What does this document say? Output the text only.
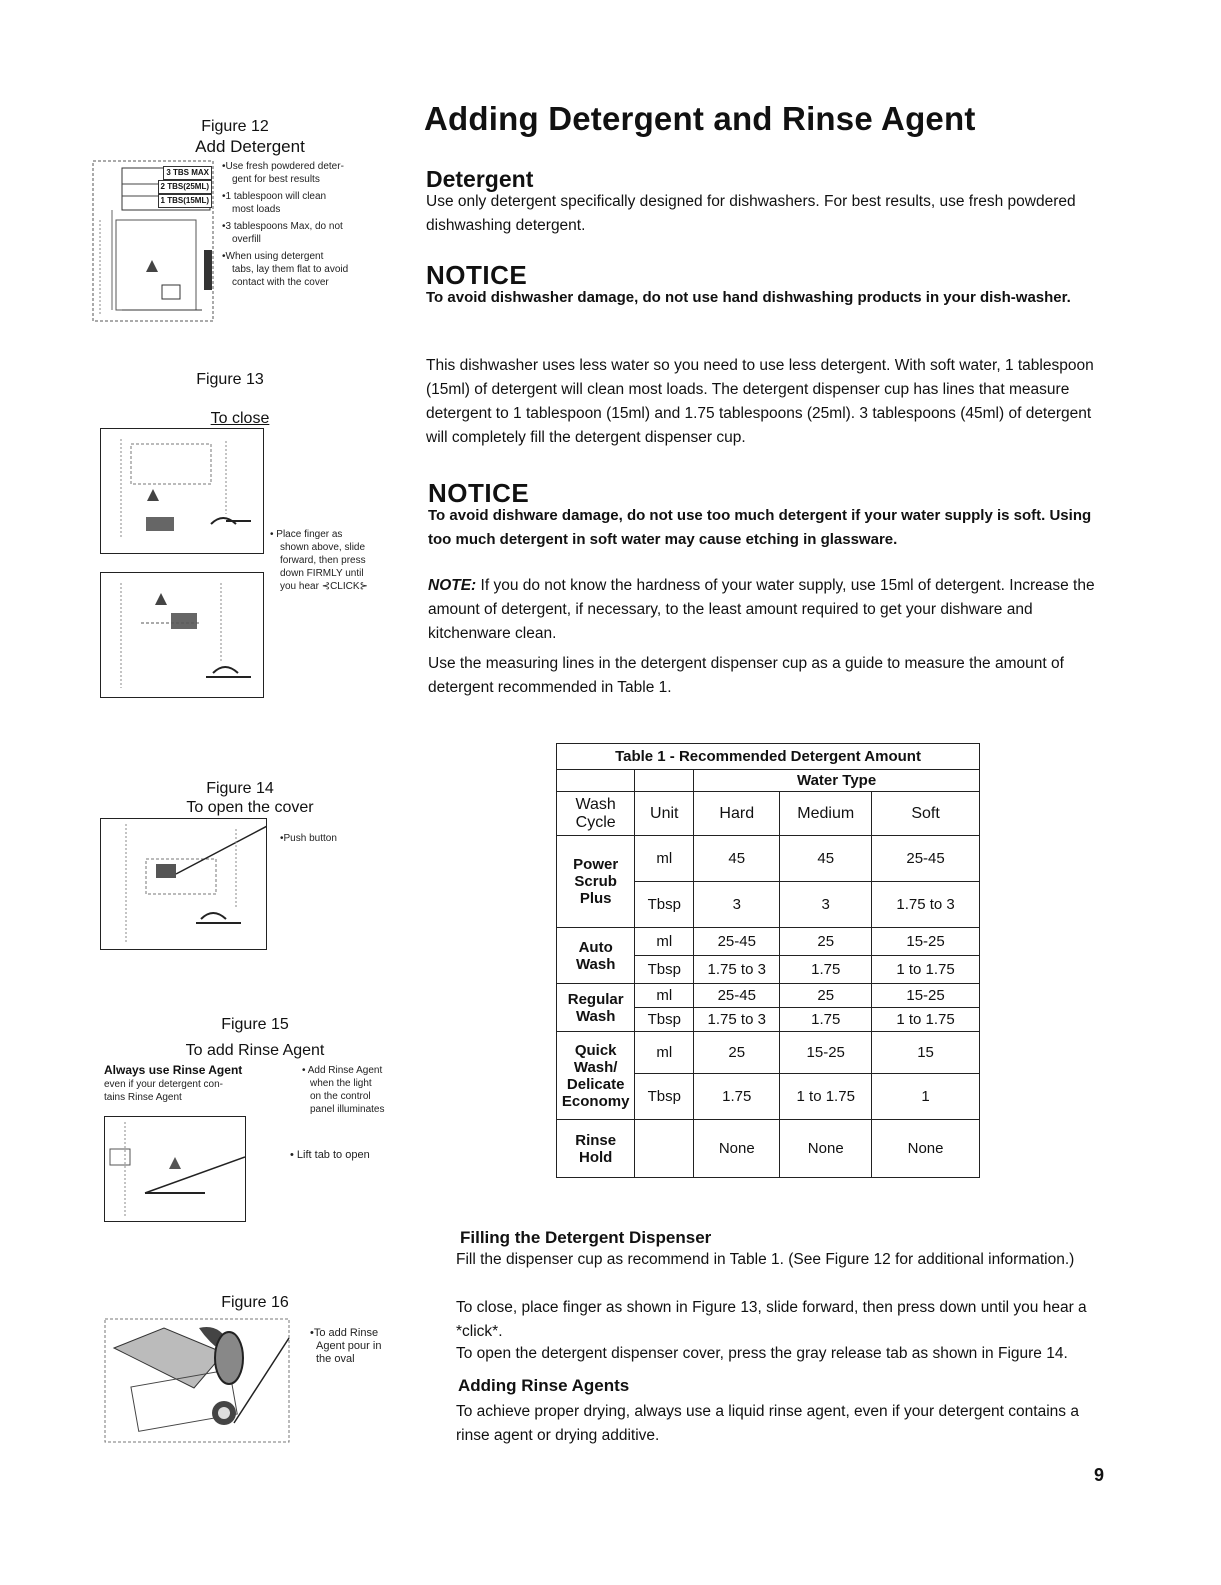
Figure 12
Add Detergent
3 TBS MAX
2 TBS(25ML)
1 TBS(15ML)
•Use fresh powdered deter-
gent for best results
•1 tablespoon will clean
most loads
•3 tablespoons Max, do not
overfill
•When using detergent
tabs, lay them flat to avoid
contact with the cover
Figure 13
To close
• Place finger as
shown above, slide
forward, then press
down FIRMLY until
you hear ⊰CLICK⊱
Figure 14
To open the cover
•Push button
Figure 15
To add Rinse Agent
Always use Rinse Agent
even if your detergent con-
tains Rinse Agent
• Add Rinse Agent
when the light
on the control
panel illuminates
• Lift tab to open
Figure 16
•To add Rinse
Agent pour in
the oval
Adding Detergent and Rinse Agent
Detergent
Use only detergent specifically designed for dishwashers. For best results, use fresh powdered dishwashing detergent.
NOTICE
To avoid dishwasher damage, do not use hand dishwashing products in your dish-washer.
This dishwasher uses less water so you need to use less detergent. With soft water, 1 tablespoon (15ml) of detergent will clean most loads. The detergent dispenser cup has lines that measure detergent to 1 tablespoon (15ml) and 1.75 tablespoons (25ml). 3 tablespoons (45ml) of detergent will completely fill the detergent dispenser cup.
NOTICE
To avoid dishware damage, do not use too much detergent if your water supply is soft. Using too much detergent in soft water may cause etching in glassware.
NOTE: If you do not know the hardness of your water supply, use 15ml of detergent. Increase the amount of detergent, if necessary, to the least amount required to get your dishware and kitchenware clean.
Use the measuring lines in the detergent dispenser cup as a guide to measure the amount of detergent recommended in Table 1.
Table 1 - Recommended Detergent Amount				
		Water Type		
Wash Cycle	Unit	Hard	Medium	Soft
Power Scrub Plus	ml	45	45	25-45
	Tbsp	3	3	1.75 to 3
Auto Wash	ml	25-45	25	15-25
	Tbsp	1.75 to 3	1.75	1 to 1.75
Regular Wash	ml	25-45	25	15-25
	Tbsp	1.75 to 3	1.75	1 to 1.75
Quick Wash/ Delicate Economy	ml	25	15-25	15
	Tbsp	1.75	1 to 1.75	1
Rinse Hold		None	None	None
Filling the Detergent Dispenser
Fill the dispenser cup as recommend in Table 1. (See Figure 12 for additional information.)
To close, place finger as shown in Figure 13, slide forward, then press down until you hear a *click*.
To open the detergent dispenser cover, press the gray release tab as shown in Figure 14.
Adding Rinse Agents
To achieve proper drying, always use a liquid rinse agent, even if your detergent contains a rinse agent or drying additive.
9
